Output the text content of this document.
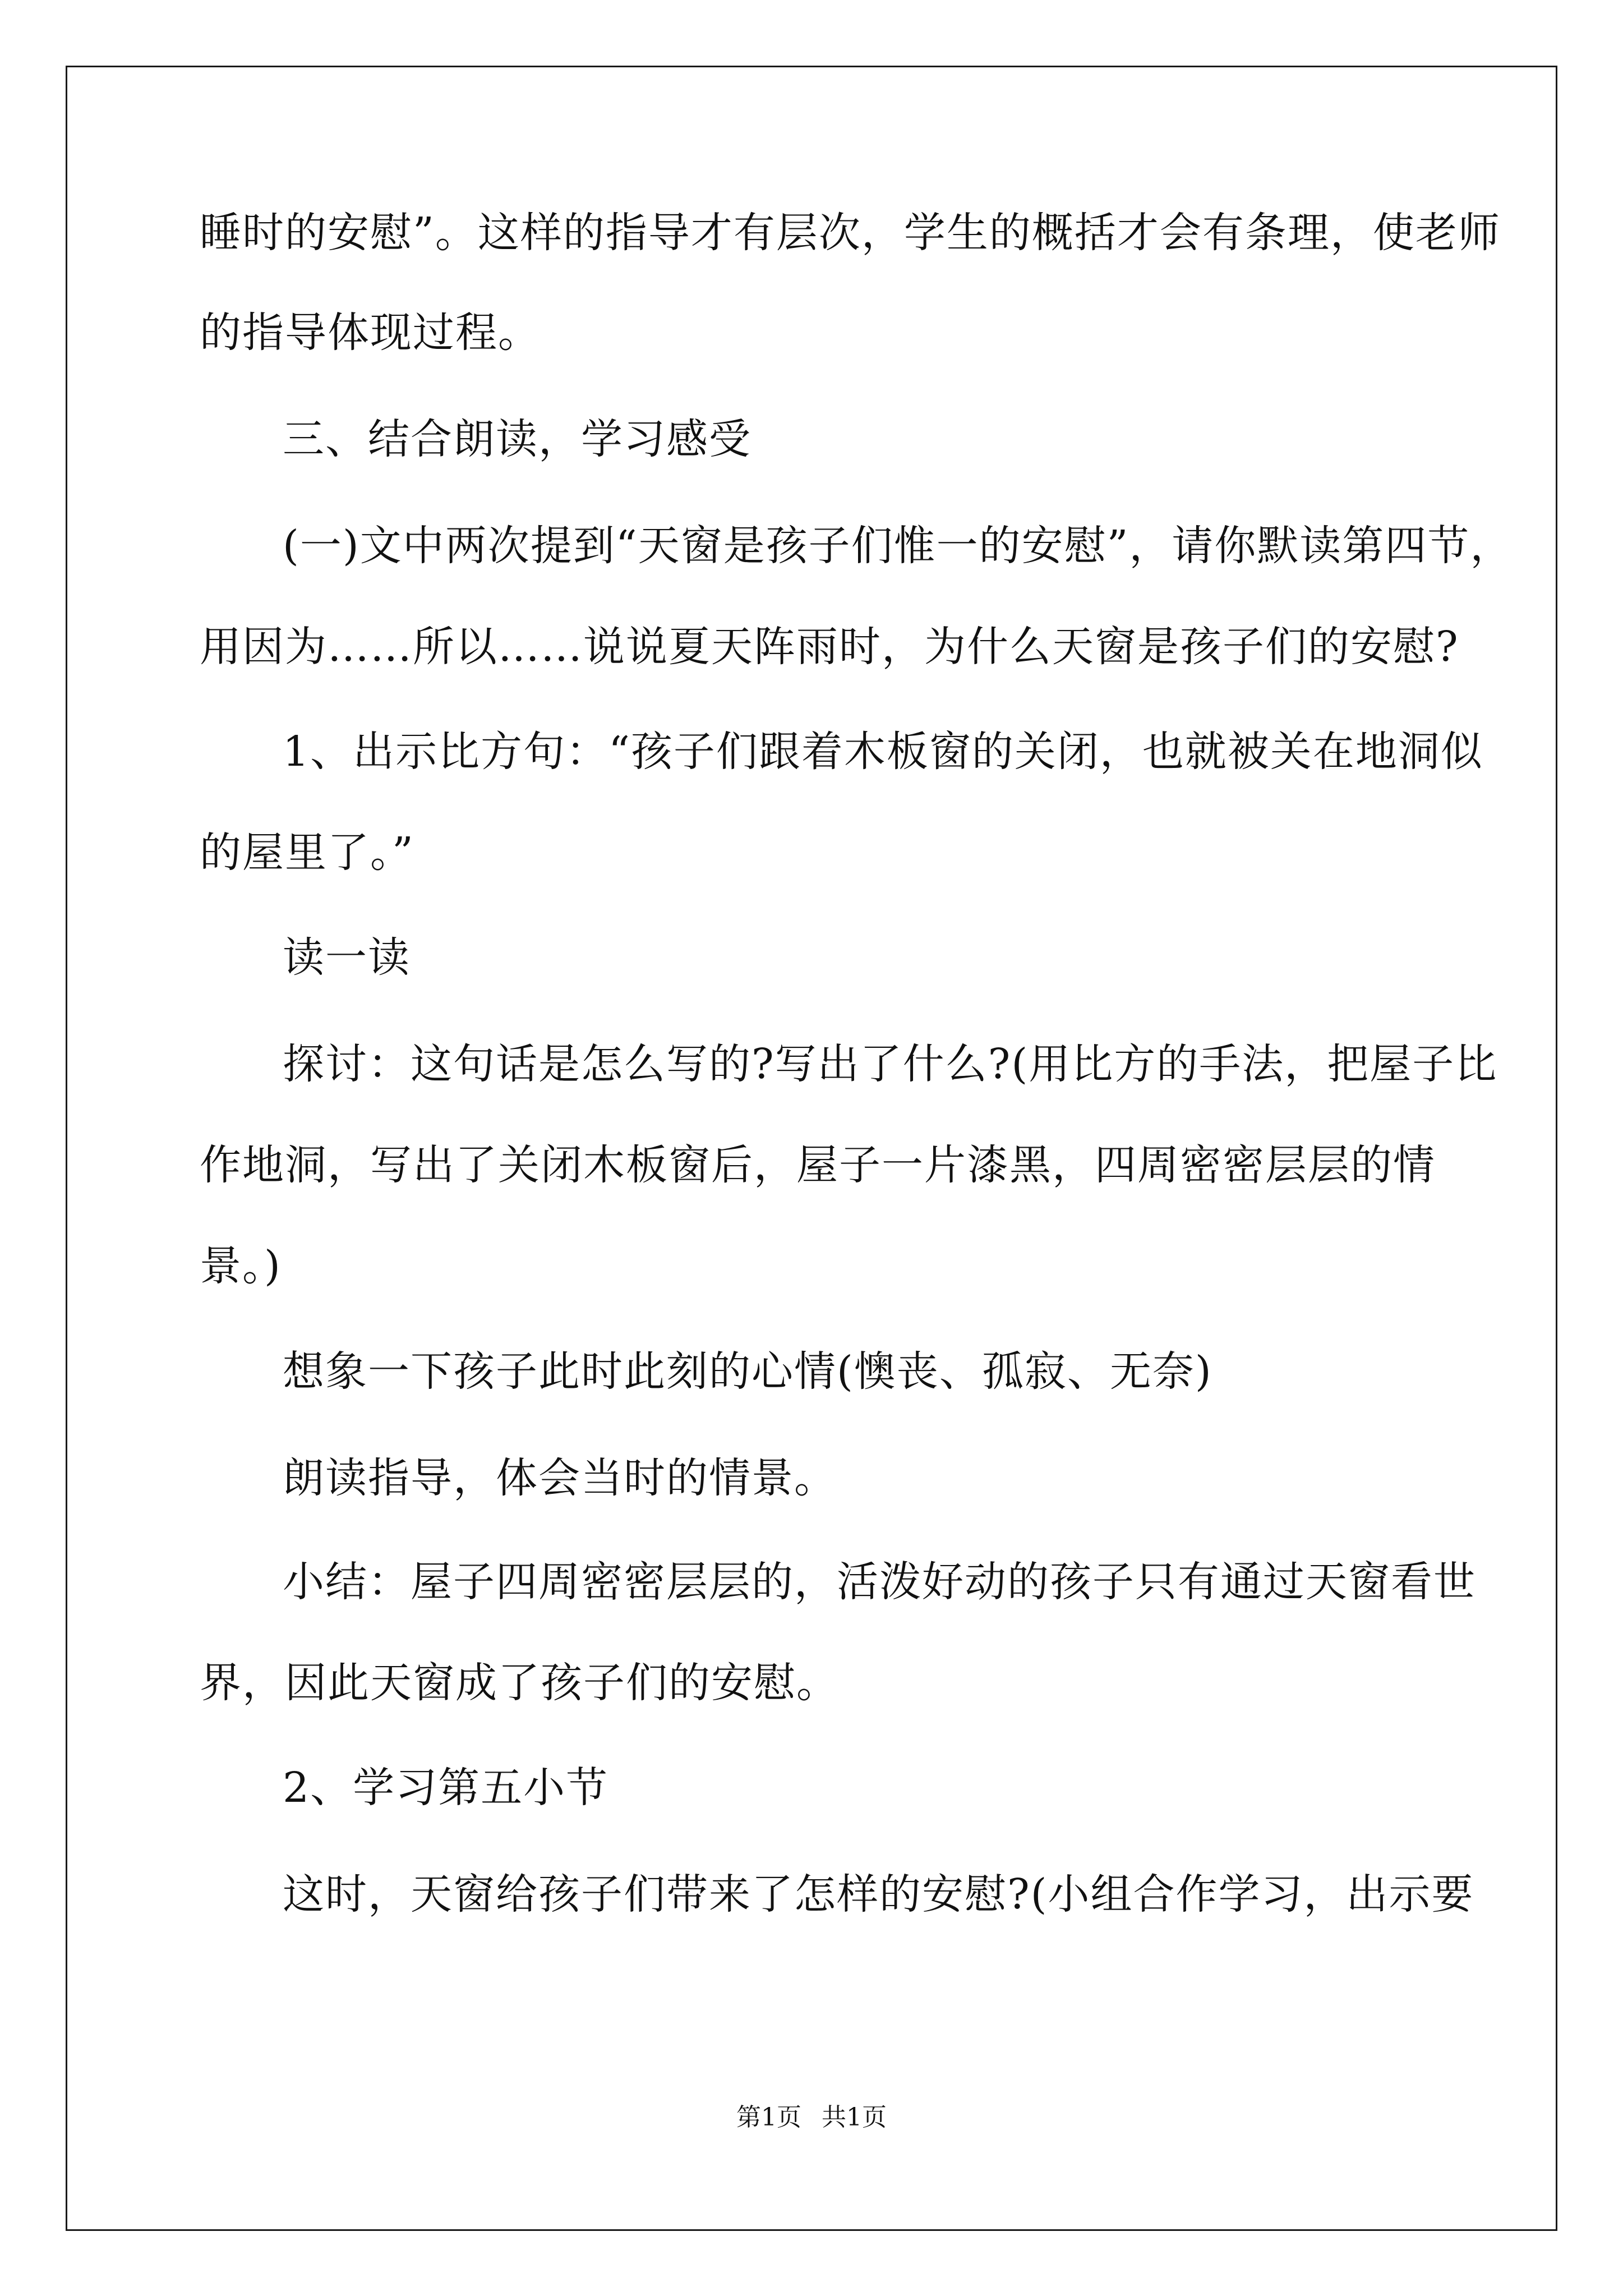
睡时的安慰”。这样的指导才有层次，学生的概括才会有条理，使老师
的指导体现过程。
三、结合朗读，学习感受
(一)文中两次提到“天窗是孩子们惟一的安慰”，请你默读第四节，
用因为……所以……说说夏天阵雨时，为什么天窗是孩子们的安慰?
1、出示比方句：“孩子们跟着木板窗的关闭，也就被关在地洞似
的屋里了。”
读一读
探讨：这句话是怎么写的?写出了什么?(用比方的手法，把屋子比
作地洞，写出了关闭木板窗后，屋子一片漆黑，四周密密层层的情
景。)
想象一下孩子此时此刻的心情(懊丧、孤寂、无奈)
朗读指导，体会当时的情景。
小结：屋子四周密密层层的，活泼好动的孩子只有通过天窗看世
界，因此天窗成了孩子们的安慰。
2、学习第五小节
这时，天窗给孩子们带来了怎样的安慰?(小组合作学习，出示要
第1页 共1页
